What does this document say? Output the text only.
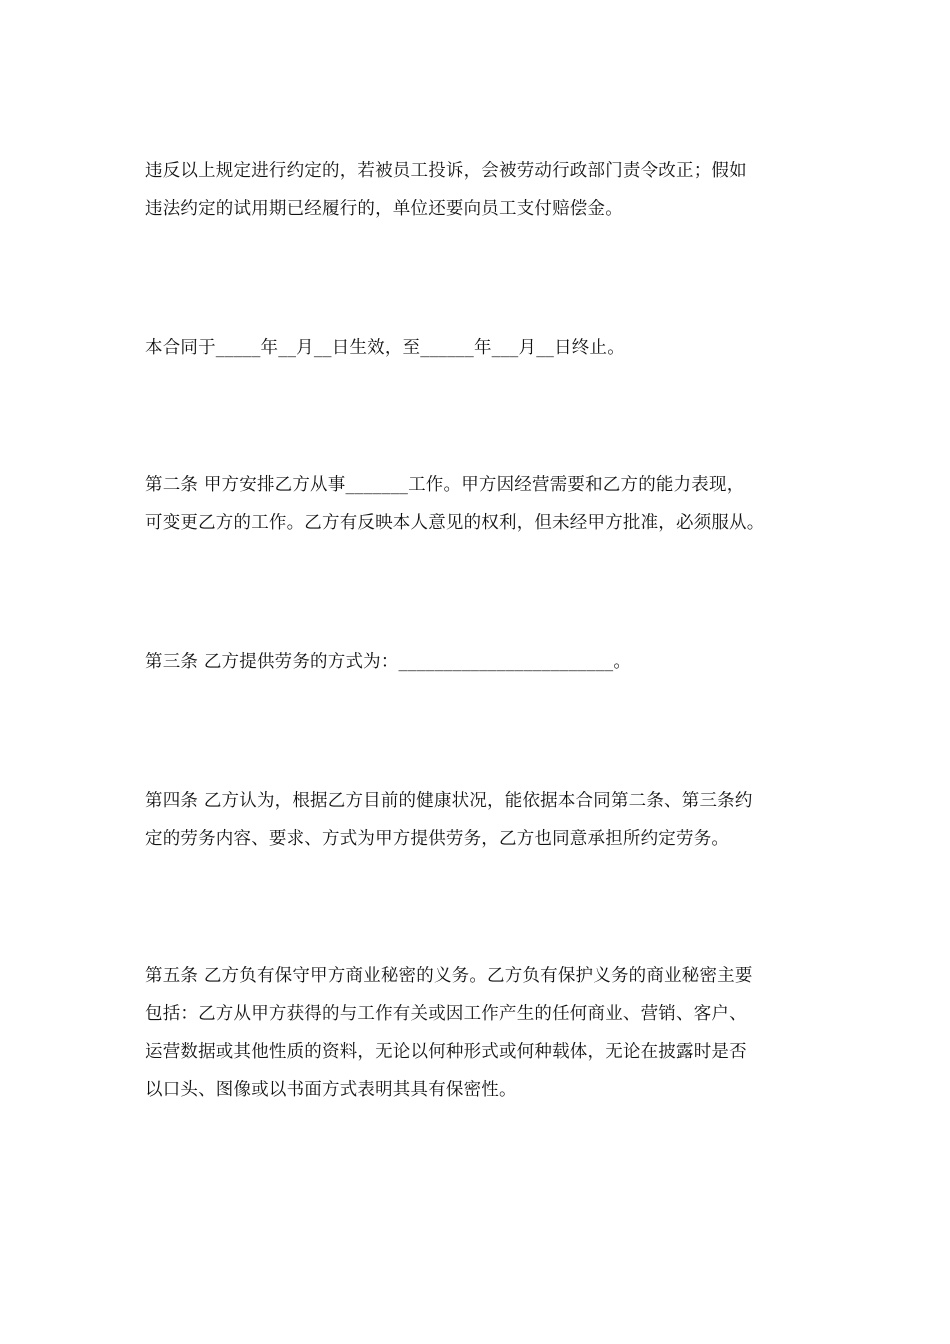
违反以上规定进行约定的，若被员工投诉，会被劳动行政部门责令改正；假如
违法约定的试用期已经履行的，单位还要向员工支付赔偿金。

本合同于_____年__月__日生效，至______年___月__日终止。

第二条 甲方安排乙方从事_______工作。甲方因经营需要和乙方的能力表现，
可变更乙方的工作。乙方有反映本人意见的权利，但未经甲方批准，必须服从。

第三条 乙方提供劳务的方式为：________________________。

第四条 乙方认为，根据乙方目前的健康状况，能依据本合同第二条、第三条约
定的劳务内容、要求、方式为甲方提供劳务，乙方也同意承担所约定劳务。

第五条 乙方负有保守甲方商业秘密的义务。乙方负有保护义务的商业秘密主要
包括：乙方从甲方获得的与工作有关或因工作产生的任何商业、营销、客户、
运营数据或其他性质的资料，无论以何种形式或何种载体，无论在披露时是否
以口头、图像或以书面方式表明其具有保密性。
